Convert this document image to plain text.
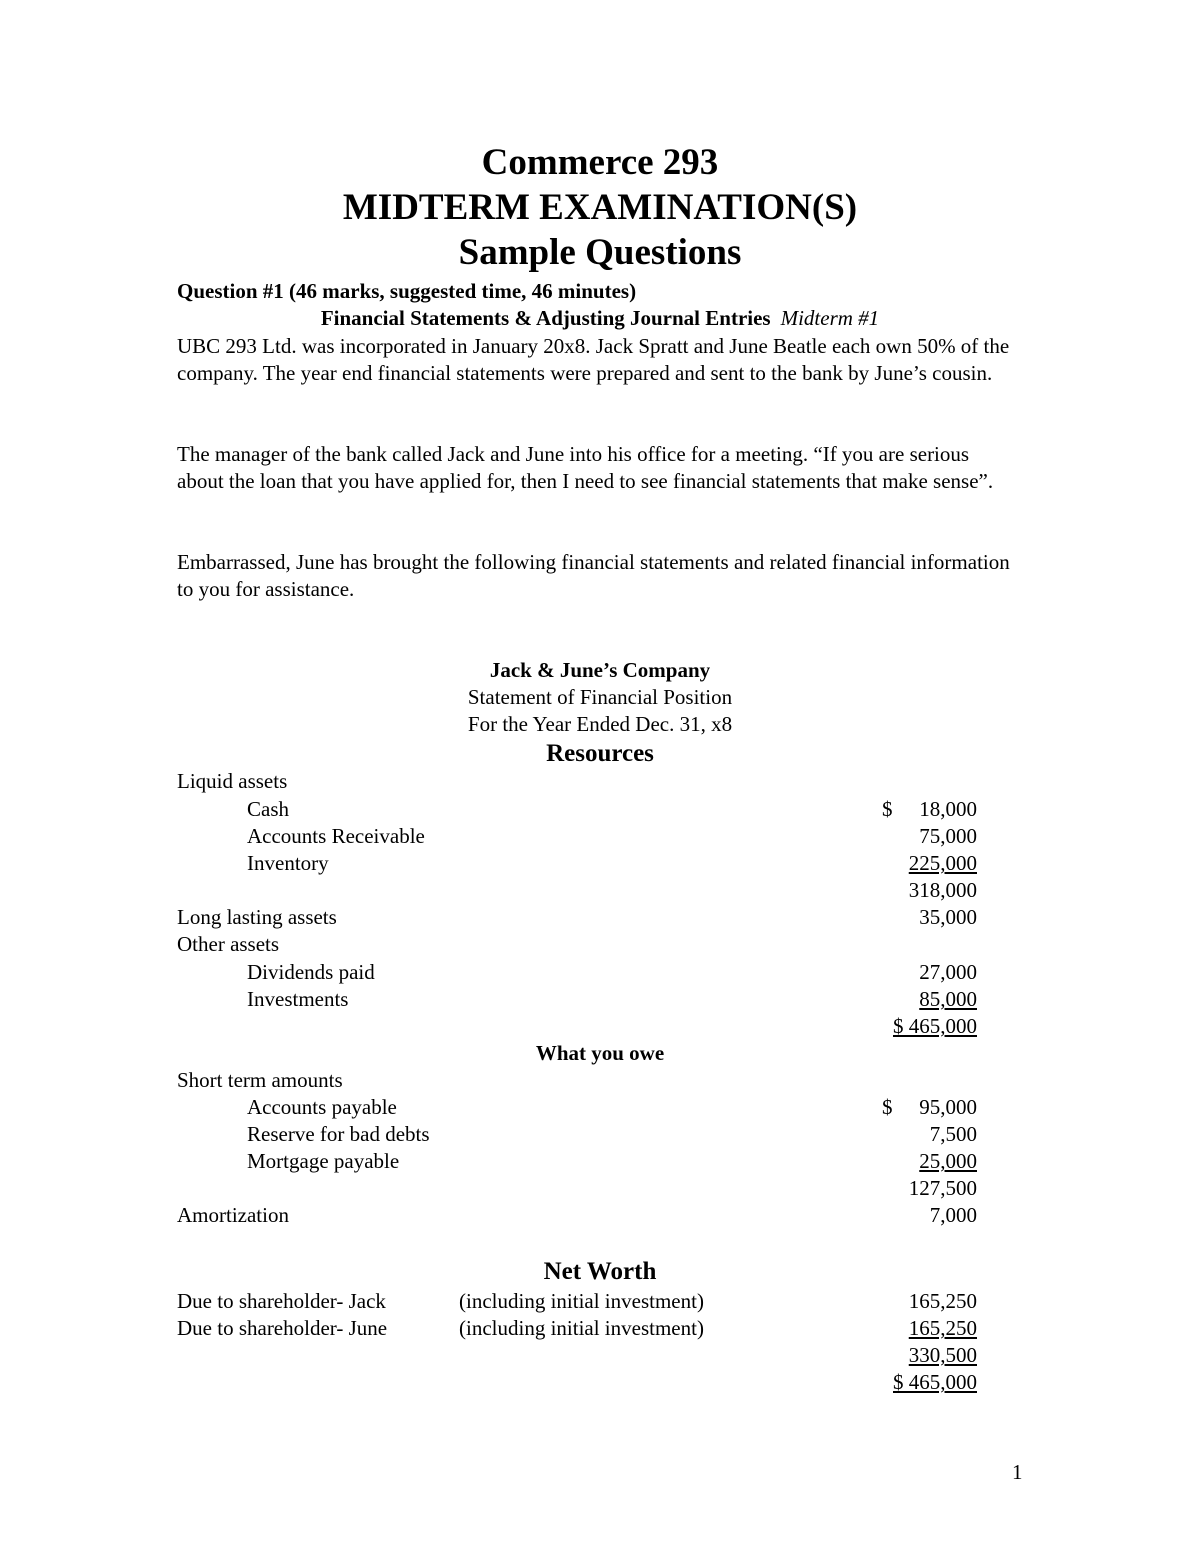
Commerce 293
MIDTERM EXAMINATION(S)
Sample Questions
Question #1 (46 marks, suggested time, 46 minutes)
Financial Statements & Adjusting Journal Entries Midterm #1

UBC 293 Ltd. was incorporated in January 20x8. Jack Spratt and June Beatle each own 50% of the company. The year end financial statements were prepared and sent to the bank by June’s cousin.

The manager of the bank called Jack and June into his office for a meeting. “If you are serious about the loan that you have applied for, then I need to see financial statements that make sense”.

Embarrassed, June has brought the following financial statements and related financial information to you for assistance.

Jack & June’s Company
Statement of Financial Position
For the Year Ended Dec. 31, x8
Resources
Liquid assets
Cash	$ 18,000
Accounts Receivable	75,000
Inventory	225,000
318,000
Long lasting assets	35,000
Other assets
Dividends paid	27,000
Investments	85,000
$ 465,000
What you owe
Short term amounts
Accounts payable	$ 95,000
Reserve for bad debts	7,500
Mortgage payable	25,000
127,500
Amortization	7,000
Net Worth
Due to shareholder- Jack	(including initial investment)	165,250
Due to shareholder- June	(including initial investment)	165,250
330,500
$ 465,000
1
